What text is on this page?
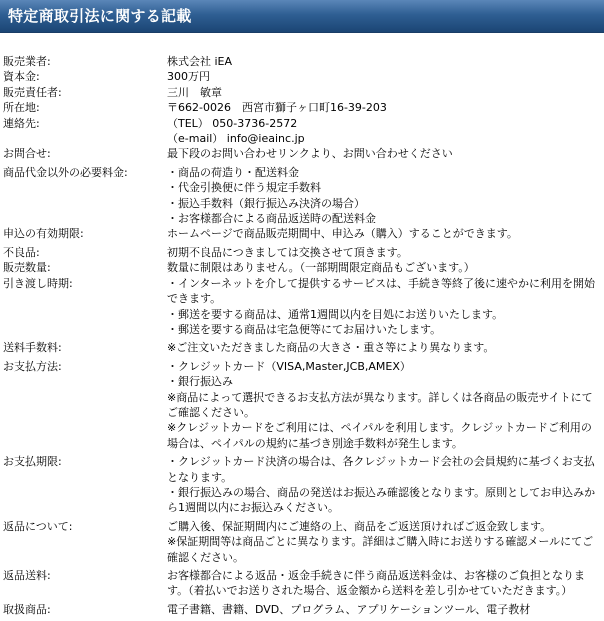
特定商取引法に関する記載
販売業者:	株式会社 iEA
資本金:	300万円
販売責任者:	三川　敏章
所在地:	〒662-0026　西宮市獅子ヶ口町16-39-203
連絡先:	（TEL） 050-3736-2572
（e-mail） info@ieainc.jp
お問合せ:	最下段のお問い合わせリンクより、お問い合わせください
商品代金以外の必要料金:	・商品の荷造り・配送料金
・代金引換便に伴う規定手数料
・振込手数料（銀行振込み決済の場合）
・お客様都合による商品返送時の配送料金
申込の有効期限:	ホームページで商品販売期間中、申込み（購入）することができます。
不良品:	初期不良品につきましては交換させて頂きます。
販売数量:	数量に制限はありません。（一部期間限定商品もございます。）
引き渡し時期:	・インターネットを介して提供するサービスは、手続き等終了後に速やかに利用を開始できます。
・郵送を要する商品は、通常1週間以内を目処にお送りいたします。
・郵送を要する商品は宅急便等にてお届けいたします。
送料手数料:	※ご注文いただきました商品の大きさ・重さ等により異なります。
お支払方法:	・クレジットカード（VISA,Master,JCB,AMEX）
・銀行振込み
※商品によって選択できるお支払方法が異なります。詳しくは各商品の販売サイトにてご確認ください。
※クレジットカードをご利用には、ペイパルを利用します。クレジットカードご利用の場合は、ペイパルの規約に基づき別途手数料が発生します。
お支払期限:	・クレジットカード決済の場合は、各クレジットカード会社の会員規約に基づくお支払となります。
・銀行振込みの場合、商品の発送はお振込み確認後となります。原則としてお申込みから1週間以内にお振込みください。
返品について:	ご購入後、保証期間内にご連絡の上、商品をご返送頂ければご返金致します。
※保証期間等は商品ごとに異なります。詳細はご購入時にお送りする確認メールにてご確認ください。
返品送料:	お客様都合による返品・返金手続きに伴う商品返送料金は、お客様のご負担となります。（着払いでお送りされた場合、返金額から送料を差し引かせていただきます。）
取扱商品:	電子書籍、書籍、DVD、プログラム、アプリケーションツール、電子教材
